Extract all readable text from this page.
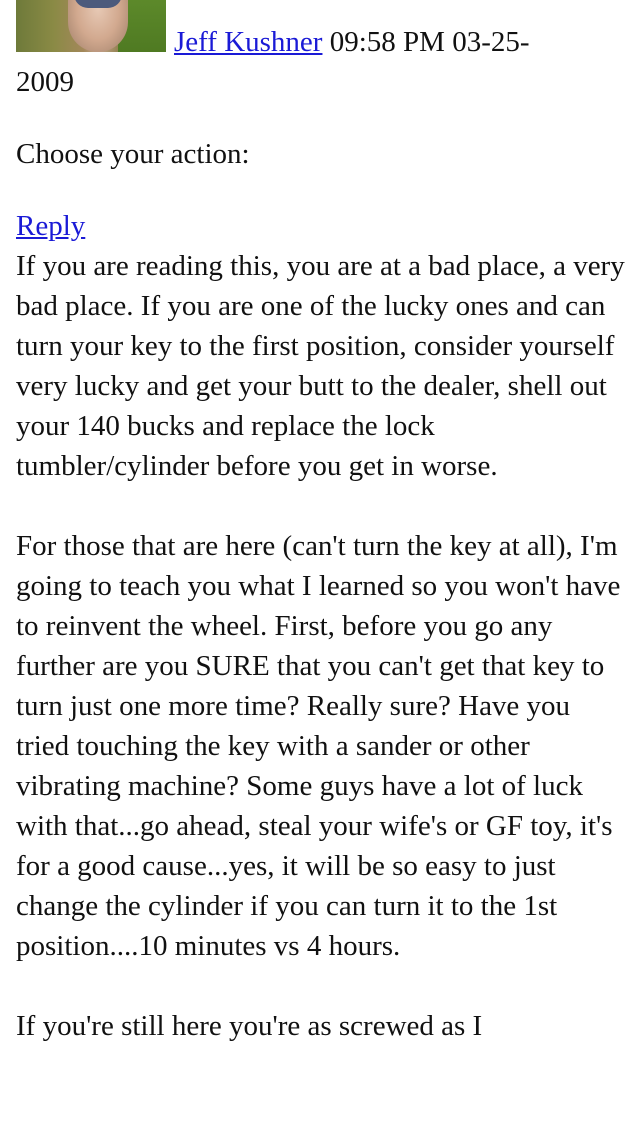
Jeff Kushner 09:58 PM 03-25-
2009
Choose your action:
Reply

If you are reading this, you are at a bad place, a very bad place. If you are one of the lucky ones and can turn your key to the first position, consider yourself very lucky and get your butt to the dealer, shell out your 140 bucks and replace the lock tumbler/cylinder before you get in worse.

For those that are here (can't turn the key at all), I'm going to teach you what I learned so you won't have to reinvent the wheel. First, before you go any further are you SURE that you can't get that key to turn just one more time? Really sure? Have you tried touching the key with a sander or other vibrating machine? Some guys have a lot of luck with that...go ahead, steal your wife's or GF toy, it's for a good cause...yes, it will be so easy to just change the cylinder if you can turn it to the 1st position....10 minutes vs 4 hours.

If you're still here you're as screwed as I
